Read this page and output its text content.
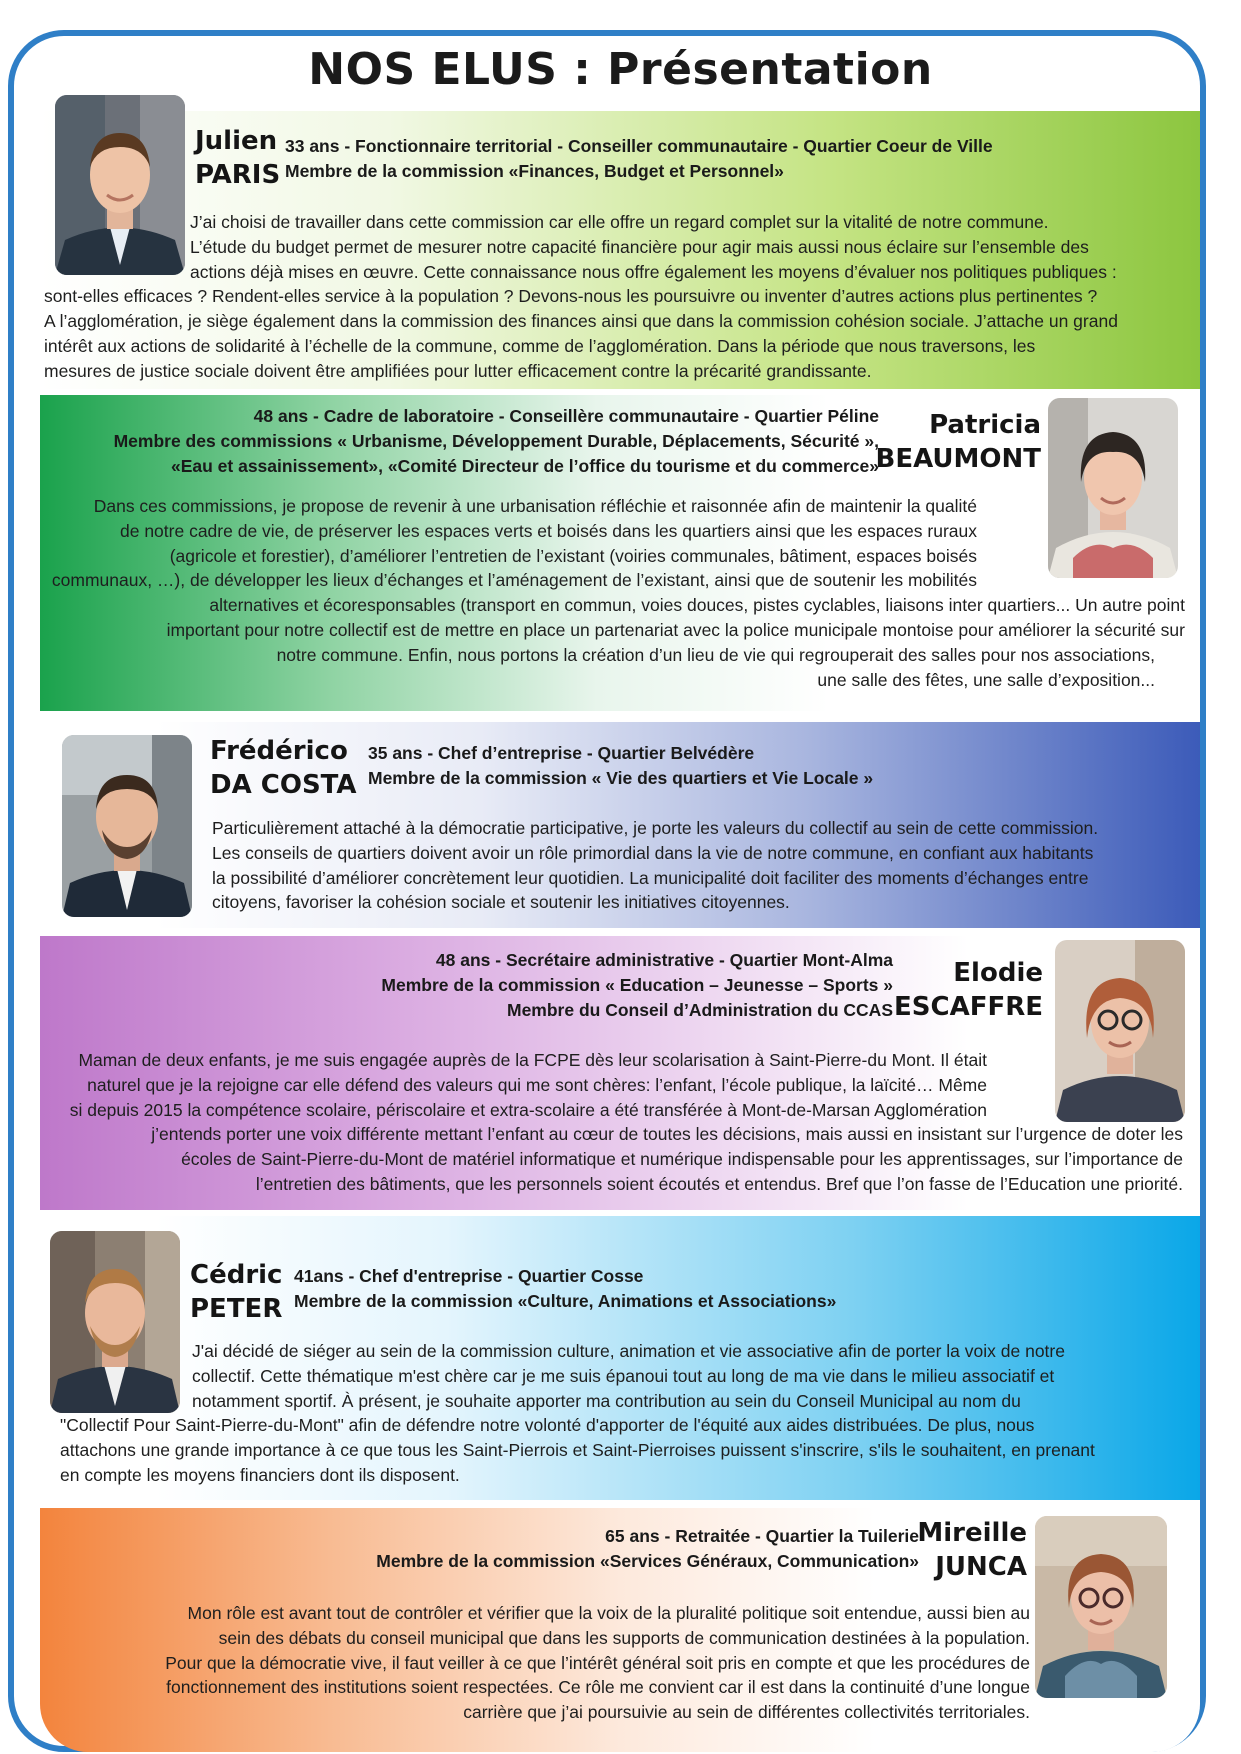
NOS ELUS : Présentation
Julien
PARIS
33 ans - Fonctionnaire territorial - Conseiller communautaire - Quartier Coeur de Ville
Membre de la commission «Finances, Budget et Personnel»
J’ai choisi de travailler dans cette commission car elle offre un regard complet sur la vitalité de notre commune.
L’étude du budget permet de mesurer notre capacité financière pour agir mais aussi nous éclaire sur l’ensemble des
actions déjà mises en œuvre. Cette connaissance nous offre également les moyens d’évaluer nos politiques publiques :
sont-elles efficaces ? Rendent-elles service à la population ? Devons-nous les poursuivre ou inventer d’autres actions plus pertinentes ?
A l’agglomération, je siège également dans la commission des finances ainsi que dans la commission cohésion sociale. J’attache un grand
intérêt aux actions de solidarité à l’échelle de la commune, comme de l’agglomération. Dans la période que nous traversons, les
mesures de justice sociale doivent être amplifiées pour lutter efficacement contre la précarité grandissante.
Patricia
BEAUMONT
48 ans - Cadre de laboratoire - Conseillère communautaire - Quartier Péline
Membre des commissions « Urbanisme, Développement Durable, Déplacements, Sécurité »,
«Eau et assainissement», «Comité Directeur de l’office du tourisme et du commerce»
Dans ces commissions, je propose de revenir à une urbanisation réfléchie et raisonnée afin de maintenir la qualité
de notre cadre de vie, de préserver les espaces verts et boisés dans les quartiers ainsi que les espaces ruraux
(agricole et forestier), d’améliorer l’entretien de l’existant (voiries communales, bâtiment, espaces boisés
communaux, …), de développer les lieux d’échanges et l’aménagement de l’existant, ainsi que de soutenir les mobilités
alternatives et écoresponsables (transport en commun, voies douces, pistes cyclables, liaisons inter quartiers... Un autre point
important pour notre collectif est de mettre en place un partenariat avec la police municipale montoise pour améliorer la sécurité sur
notre commune. Enfin, nous portons la création d’un lieu de vie qui regrouperait des salles pour nos associations,
une salle des fêtes, une salle d’exposition...
Frédérico
DA COSTA
35 ans - Chef d’entreprise - Quartier Belvédère
Membre de la commission « Vie des quartiers et Vie Locale »
Particulièrement attaché à la démocratie participative, je porte les valeurs du collectif au sein de cette commission.
Les conseils de quartiers doivent avoir un rôle primordial dans la vie de notre commune, en confiant aux habitants
la possibilité d’améliorer concrètement leur quotidien. La municipalité doit faciliter des moments d’échanges entre
citoyens, favoriser la cohésion sociale et soutenir les initiatives citoyennes.
Elodie
ESCAFFRE
48 ans - Secrétaire administrative - Quartier Mont-Alma
Membre de la commission « Education – Jeunesse – Sports »
Membre du Conseil d’Administration du CCAS
Maman de deux enfants, je me suis engagée auprès de la FCPE dès leur scolarisation à Saint-Pierre-du Mont. Il était
naturel que je la rejoigne car elle défend des valeurs qui me sont chères: l’enfant, l’école publique, la laïcité… Même
si depuis 2015 la compétence scolaire, périscolaire et extra-scolaire a été transférée à Mont-de-Marsan Agglomération
j’entends porter une voix différente mettant l’enfant au cœur de toutes les décisions, mais aussi en insistant sur l’urgence de doter les
écoles de Saint-Pierre-du-Mont de matériel informatique et numérique indispensable pour les apprentissages, sur l’importance de
l’entretien des bâtiments, que les personnels soient écoutés et entendus. Bref que l’on fasse de l’Education une priorité.
Cédric
PETER
41ans - Chef d'entreprise - Quartier Cosse
Membre de la commission «Culture, Animations et Associations»
J'ai décidé de siéger au sein de la commission culture, animation et vie associative afin de porter la voix de notre
collectif. Cette thématique m'est chère car je me suis épanoui tout au long de ma vie dans le milieu associatif et
notamment sportif. À présent, je souhaite apporter ma contribution au sein du Conseil Municipal au nom du
"Collectif Pour Saint-Pierre-du-Mont" afin de défendre notre volonté d'apporter de l'équité aux aides distribuées. De plus, nous
attachons une grande importance à ce que tous les Saint-Pierrois et Saint-Pierroises puissent s'inscrire, s'ils le souhaitent, en prenant
en compte les moyens financiers dont ils disposent.
Mireille
JUNCA
65 ans - Retraitée - Quartier la Tuilerie
Membre de la commission «Services Généraux, Communication»
Mon rôle est avant tout de contrôler et vérifier que la voix de la pluralité politique soit entendue, aussi bien au
sein des débats du conseil municipal que dans les supports de communication destinées à la population.
Pour que la démocratie vive, il faut veiller à ce que l’intérêt général soit pris en compte et que les procédures de
fonctionnement des institutions soient respectées. Ce rôle me convient car il est dans la continuité d’une longue
carrière que j’ai poursuivie au sein de différentes collectivités territoriales.
